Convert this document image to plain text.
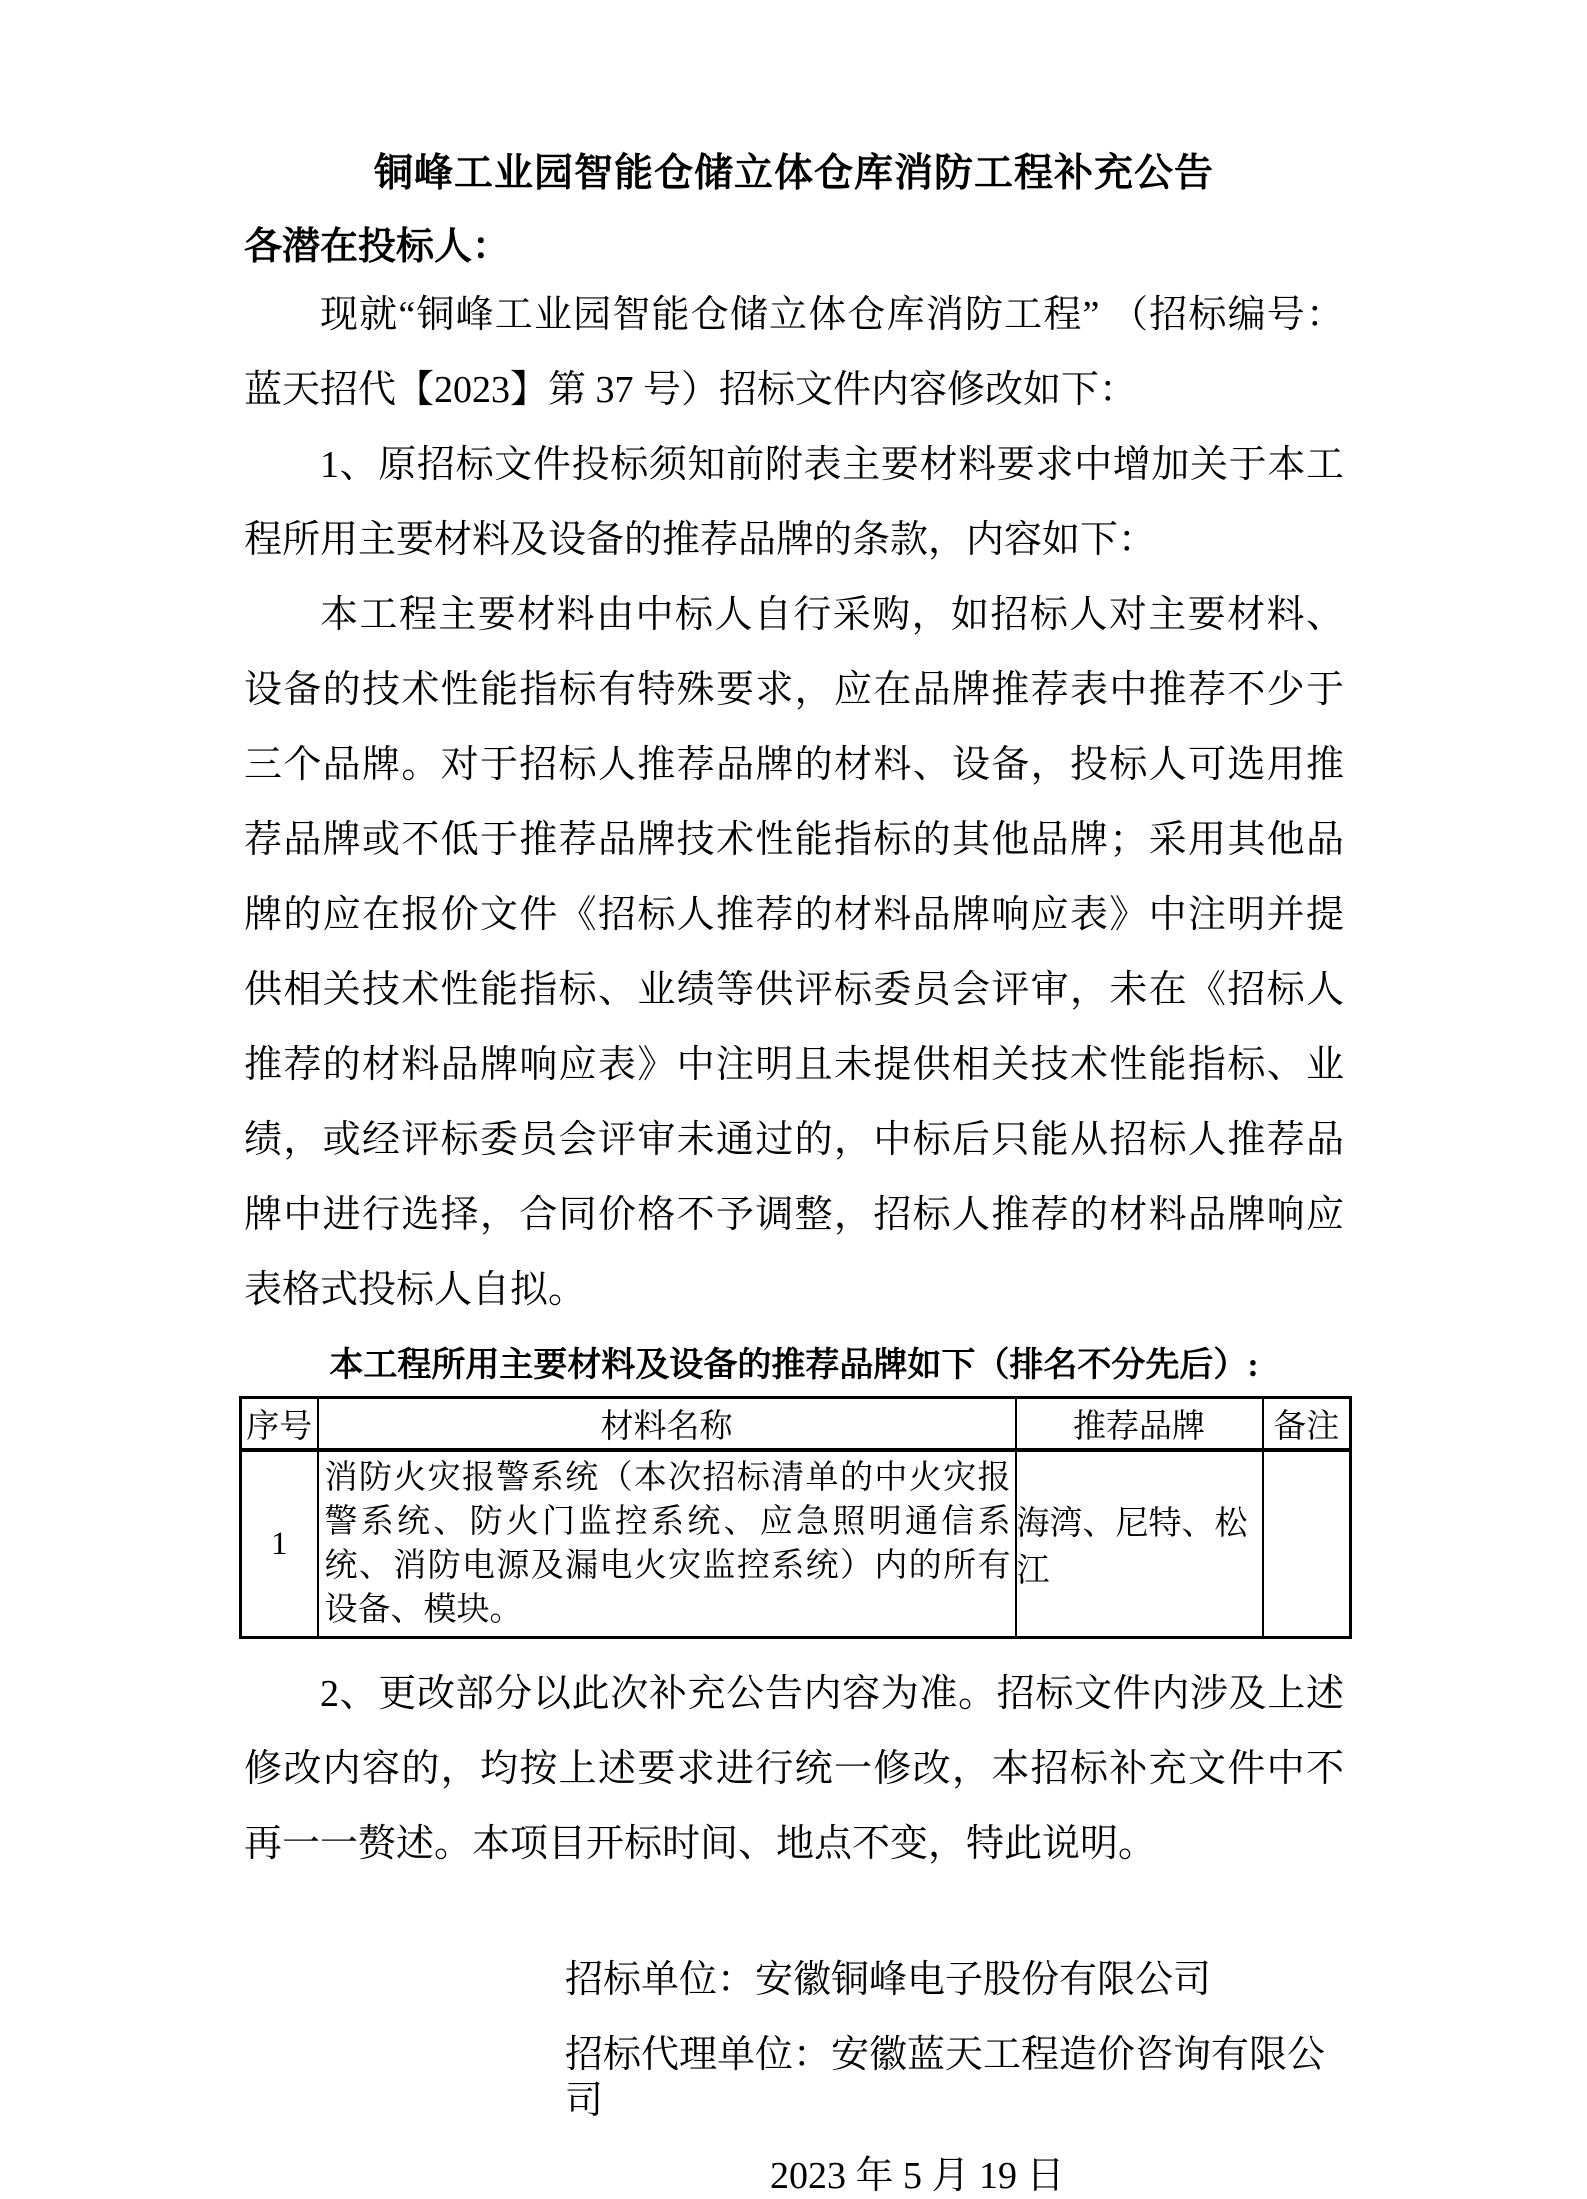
铜峰工业园智能仓储立体仓库消防工程补充公告

各潜在投标人：

现就“铜峰工业园智能仓储立体仓库消防工程” （招标编号：蓝天招代【2023】第 37 号）招标文件内容修改如下：

1、原招标文件投标须知前附表主要材料要求中增加关于本工程所用主要材料及设备的推荐品牌的条款，内容如下：

本工程主要材料由中标人自行采购，如招标人对主要材料、设备的技术性能指标有特殊要求，应在品牌推荐表中推荐不少于三个品牌。对于招标人推荐品牌的材料、设备，投标人可选用推荐品牌或不低于推荐品牌技术性能指标的其他品牌；采用其他品牌的应在报价文件《招标人推荐的材料品牌响应表》中注明并提供相关技术性能指标、业绩等供评标委员会评审，未在《招标人推荐的材料品牌响应表》中注明且未提供相关技术性能指标、业绩，或经评标委员会评审未通过的，中标后只能从招标人推荐品牌中进行选择，合同价格不予调整，招标人推荐的材料品牌响应表格式投标人自拟。

本工程所用主要材料及设备的推荐品牌如下（排名不分先后）:

序号	材料名称	推荐品牌	备注
1	消防火灾报警系统（本次招标清单的中火灾报警系统、防火门监控系统、应急照明通信系统、消防电源及漏电火灾监控系统）内的所有设备、模块。	海湾、尼特、松江	

2、更改部分以此次补充公告内容为准。招标文件内涉及上述修改内容的，均按上述要求进行统一修改，本招标补充文件中不再一一赘述。本项目开标时间、地点不变，特此说明。

招标单位：安徽铜峰电子股份有限公司

招标代理单位：安徽蓝天工程造价咨询有限公司

2023 年 5 月 19 日
